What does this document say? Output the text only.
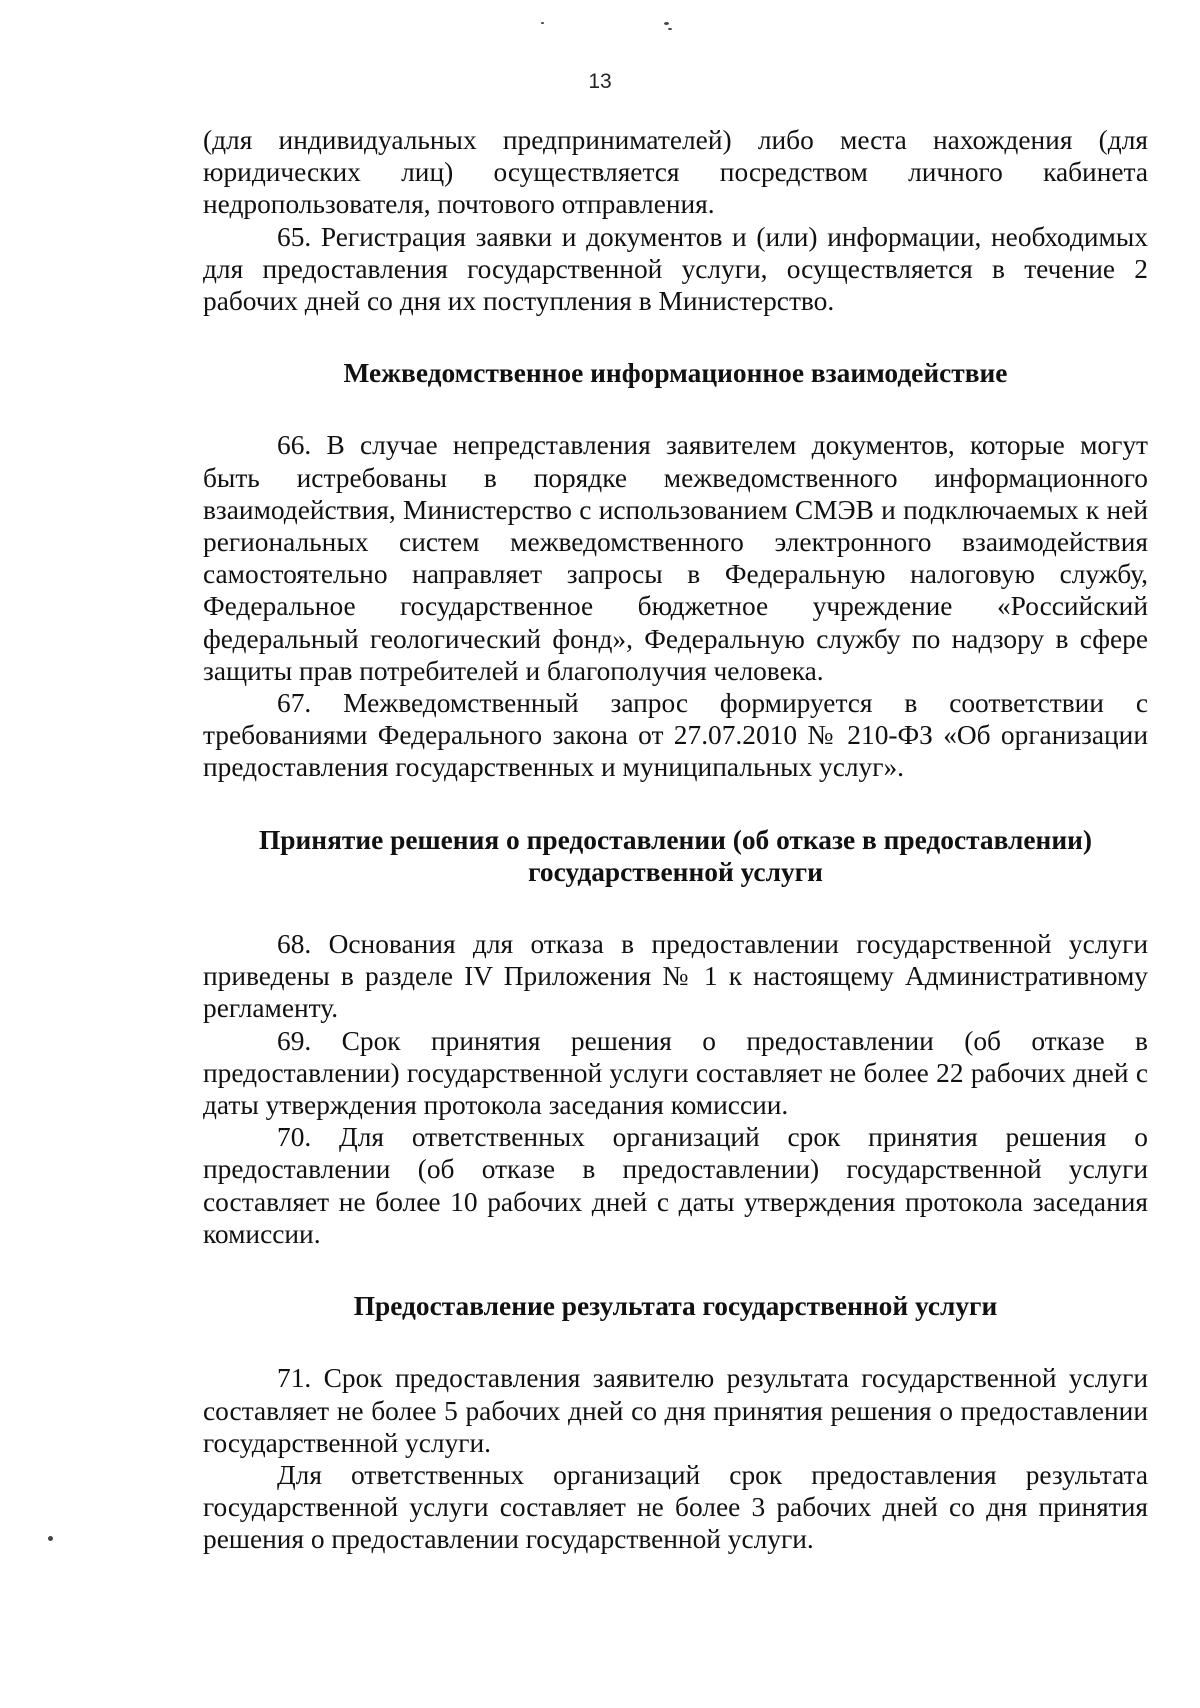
13

(для индивидуальных предпринимателей) либо места нахождения (для юридических лиц) осуществляется посредством личного кабинета недропользователя, почтового отправления.

65. Регистрация заявки и документов и (или) информации, необходимых для предоставления государственной услуги, осуществляется в течение 2 рабочих дней со дня их поступления в Министерство.

Межведомственное информационное взаимодействие

66. В случае непредставления заявителем документов, которые могут быть истребованы в порядке межведомственного информационного взаимодействия, Министерство с использованием СМЭВ и подключаемых к ней региональных систем межведомственного электронного взаимодействия самостоятельно направляет запросы в Федеральную налоговую службу, Федеральное государственное бюджетное учреждение «Российский федеральный геологический фонд», Федеральную службу по надзору в сфере защиты прав потребителей и благополучия человека.

67. Межведомственный запрос формируется в соответствии с требованиями Федерального закона от 27.07.2010 № 210-ФЗ «Об организации предоставления государственных и муниципальных услуг».

Принятие решения о предоставлении (об отказе в предоставлении) государственной услуги

68. Основания для отказа в предоставлении государственной услуги приведены в разделе IV Приложения № 1 к настоящему Административному регламенту.

69. Срок принятия решения о предоставлении (об отказе в предоставлении) государственной услуги составляет не более 22 рабочих дней с даты утверждения протокола заседания комиссии.

70. Для ответственных организаций срок принятия решения о предоставлении (об отказе в предоставлении) государственной услуги составляет не более 10 рабочих дней с даты утверждения протокола заседания комиссии.

Предоставление результата государственной услуги

71. Срок предоставления заявителю результата государственной услуги составляет не более 5 рабочих дней со дня принятия решения о предоставлении государственной услуги.

Для ответственных организаций срок предоставления результата государственной услуги составляет не более 3 рабочих дней со дня принятия решения о предоставлении государственной услуги.
